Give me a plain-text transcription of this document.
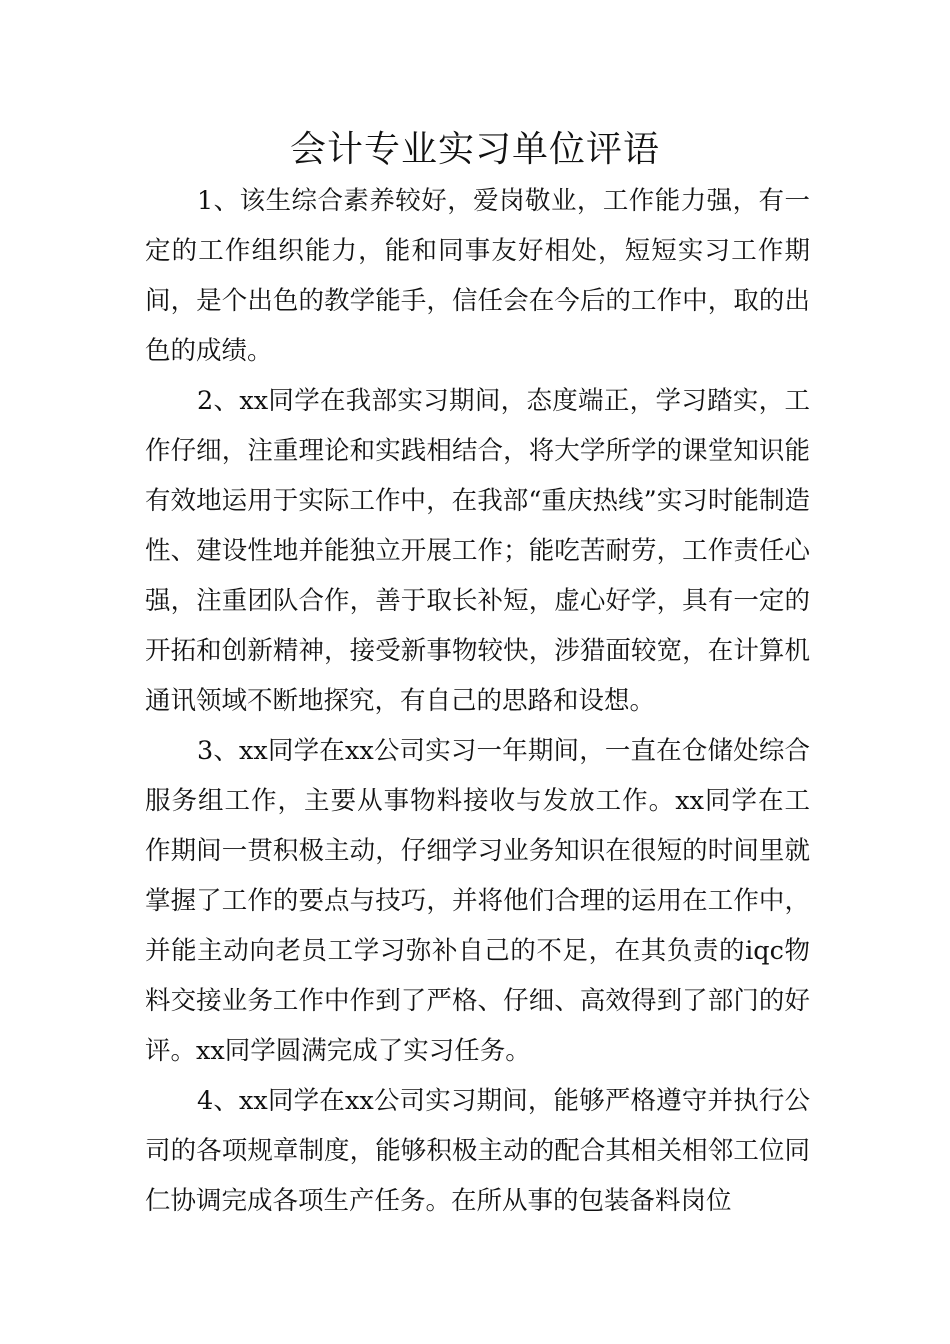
会计专业实习单位评语

1、该生综合素养较好，爱岗敬业，工作能力强，有一定的工作组织能力，能和同事友好相处，短短实习工作期间，是个出色的教学能手，信任会在今后的工作中，取的出色的成绩。

2、xx同学在我部实习期间，态度端正，学习踏实，工作仔细，注重理论和实践相结合，将大学所学的课堂知识能有效地运用于实际工作中，在我部“重庆热线”实习时能制造性、建设性地并能独立开展工作；能吃苦耐劳，工作责任心强，注重团队合作，善于取长补短，虚心好学，具有一定的开拓和创新精神，接受新事物较快，涉猎面较宽，在计算机通讯领域不断地探究，有自己的思路和设想。

3、xx同学在xx公司实习一年期间，一直在仓储处综合服务组工作，主要从事物料接收与发放工作。xx同学在工作期间一贯积极主动，仔细学习业务知识在很短的时间里就掌握了工作的要点与技巧，并将他们合理的运用在工作中，并能主动向老员工学习弥补自己的不足，在其负责的iqc物料交接业务工作中作到了严格、仔细、高效得到了部门的好评。xx同学圆满完成了实习任务。

4、xx同学在xx公司实习期间，能够严格遵守并执行公司的各项规章制度，能够积极主动的配合其相关相邻工位同仁协调完成各项生产任务。在所从事的包装备料岗位
